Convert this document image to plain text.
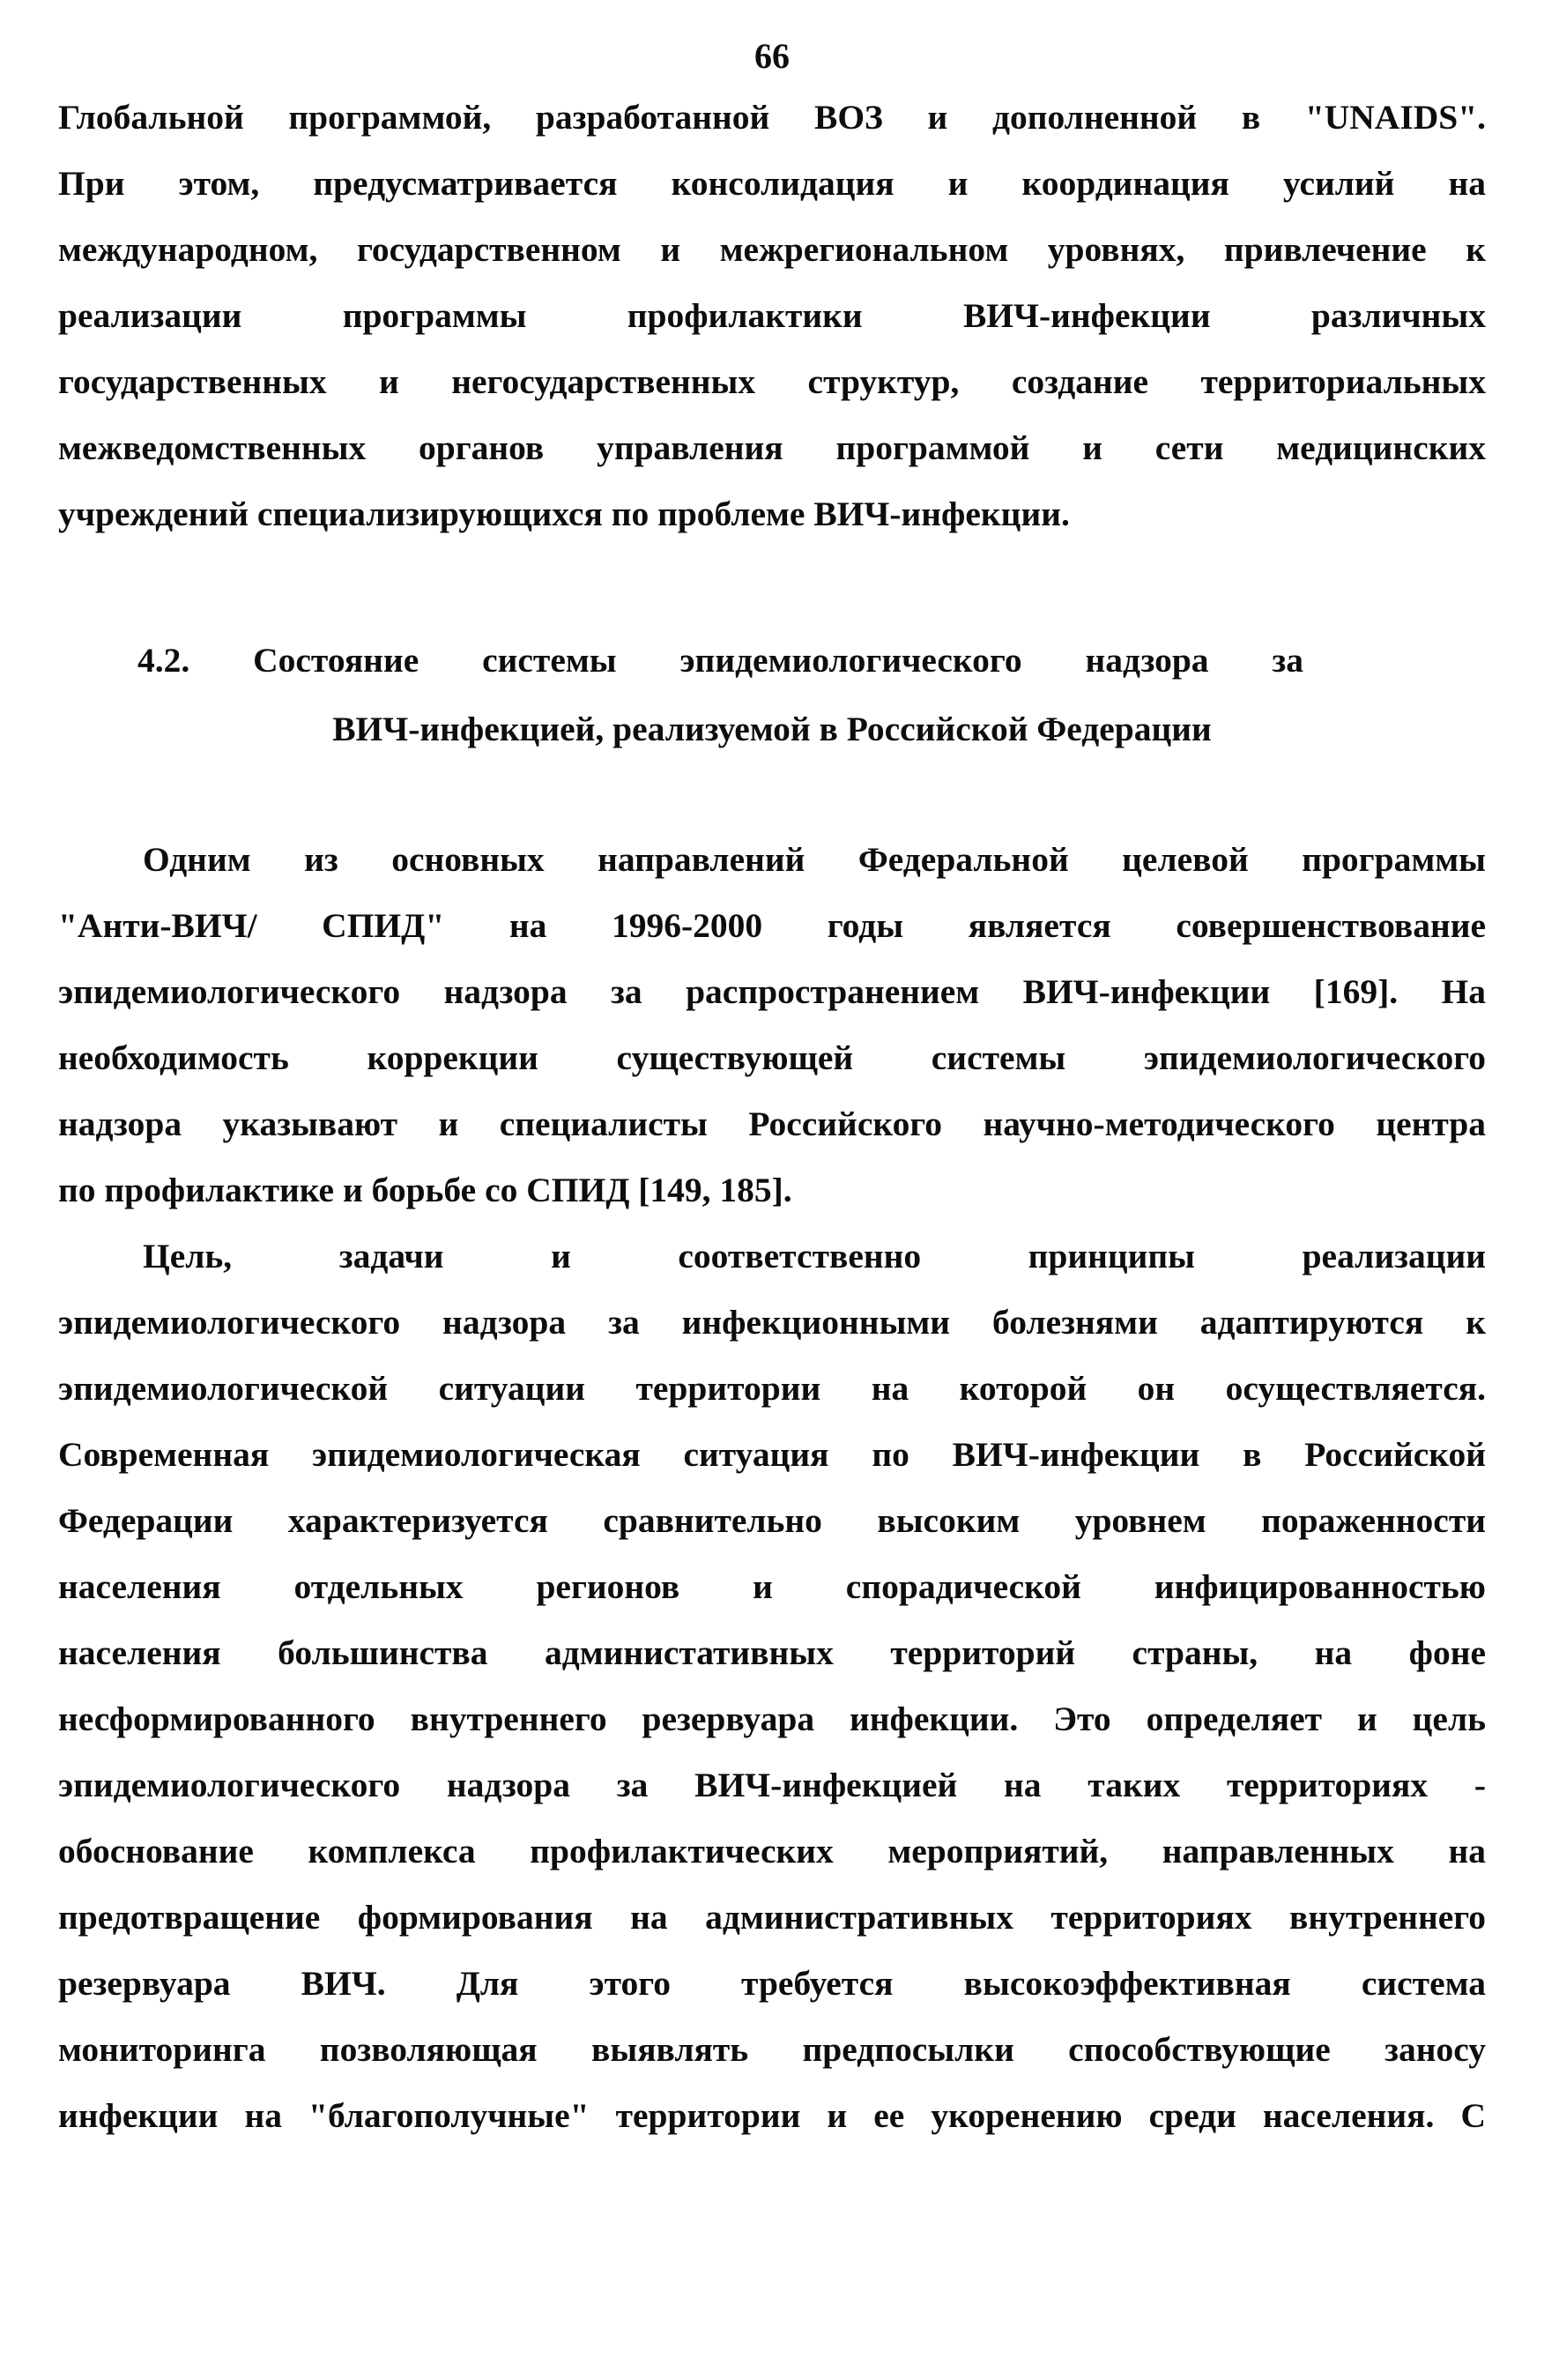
66
Глобальной программой, разработанной ВОЗ и дополненной в "UNAIDS".
При этом, предусматривается консолидация и координация усилий на
международном, государственном и межрегиональном уровнях, привлечение к
реализации программы профилактики ВИЧ-инфекции различных
государственных и негосударственных структур, создание территориальных
межведомственных органов управления программой и сети медицинских
учреждений специализирующихся по проблеме ВИЧ-инфекции.
4.2. Состояние системы эпидемиологического надзора за
ВИЧ-инфекцией, реализуемой в Российской Федерации
Одним из основных направлений Федеральной целевой программы
"Анти-ВИЧ/ СПИД" на 1996-2000 годы является совершенствование
эпидемиологического надзора за распространением ВИЧ-инфекции [169]. На
необходимость коррекции существующей системы эпидемиологического
надзора указывают и специалисты Российского научно-методического центра
по профилактике и борьбе со СПИД [149, 185].
Цель, задачи и соответственно принципы реализации
эпидемиологического надзора за инфекционными болезнями адаптируются к
эпидемиологической ситуации территории на которой он осуществляется.
Современная эпидемиологическая ситуация по ВИЧ-инфекции в Российской
Федерации характеризуется сравнительно высоким уровнем пораженности
населения отдельных регионов и спорадической инфицированностью
населения большинства админиcтативных территорий страны, на фоне
несформированного внутреннего резервуара инфекции. Это определяет и цель
эпидемиологического надзора за ВИЧ-инфекцией на таких территориях -
обоснование комплекса профилактических мероприятий, направленных на
предотвращение формирования на административных территориях внутреннего
резервуара ВИЧ. Для этого требуется высокоэффективная система
мониторинга позволяющая выявлять предпосылки способствующие заносу
инфекции на "благополучные" территории и ее укоренению среди населения. С
